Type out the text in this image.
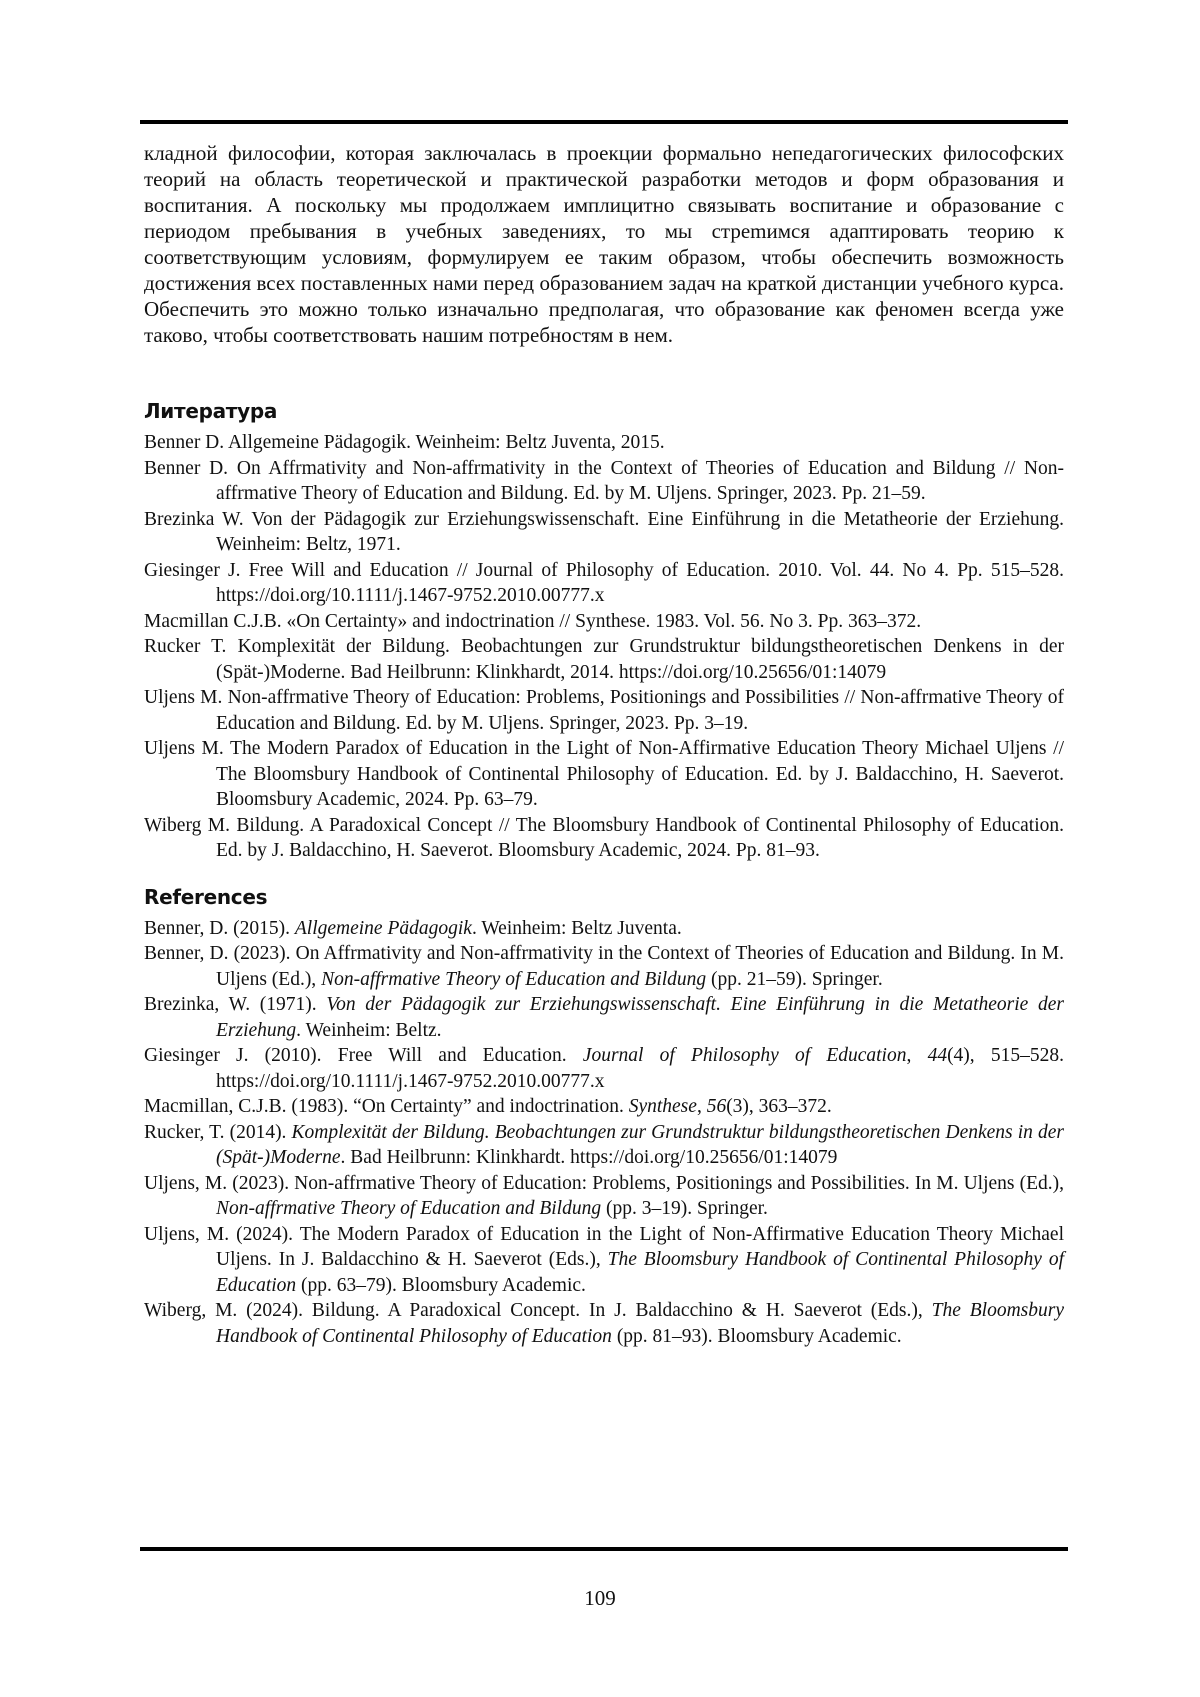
кладной философии, которая заключалась в проекции формально непедагогических философских теорий на область теоретической и практической разработки методов и форм образования и воспитания. А поскольку мы продолжаем имплицитно связывать воспитание и образование с периодом пребывания в учебных заведениях, то мы стреmимся адаптировать теорию к соответствующим условиям, формулируем ее таким образом, чтобы обеспечить возможность достижения всех поставленных нами перед образованием задач на краткой дистанции учебного курса. Обеспечить это можно только изначально предполагая, что образование как феномен всегда уже таково, чтобы соответствовать нашим потребностям в нем.

Литература
Benner D. Allgemeine Pädagogik. Weinheim: Beltz Juventa, 2015.
Benner D. On Affrmativity and Non-affrmativity in the Context of Theories of Education and Bildung // Non-affrmative Theory of Education and Bildung. Ed. by M. Uljens. Springer, 2023. Pp. 21–59.
Brezinka W. Von der Pädagogik zur Erziehungswissenschaft. Eine Einführung in die Metatheorie der Erziehung. Weinheim: Beltz, 1971.
Giesinger J. Free Will and Education // Journal of Philosophy of Education. 2010. Vol. 44. No 4. Pp. 515–528. https://doi.org/10.1111/j.1467-9752.2010.00777.x
Macmillan C.J.B. «On Certainty» and indoctrination // Synthese. 1983. Vol. 56. No 3. Pp. 363–372.
Rucker T. Komplexität der Bildung. Beobachtungen zur Grundstruktur bildungstheoretischen Denkens in der (Spät-)Moderne. Bad Heilbrunn: Klinkhardt, 2014. https://doi.org/10.25656/01:14079
Uljens M. Non-affrmative Theory of Education: Problems, Positionings and Possibilities // Non-affrmative Theory of Education and Bildung. Ed. by M. Uljens. Springer, 2023. Pp. 3–19.
Uljens M. The Modern Paradox of Education in the Light of Non-Affirmative Education Theory Michael Uljens // The Bloomsbury Handbook of Continental Philosophy of Education. Ed. by J. Baldacchino, H. Saeverot. Bloomsbury Academic, 2024. Pp. 63–79.
Wiberg M. Bildung. A Paradoxical Concept // The Bloomsbury Handbook of Continental Philosophy of Education. Ed. by J. Baldacchino, H. Saeverot. Bloomsbury Academic, 2024. Pp. 81–93.
References
Benner, D. (2015). Allgemeine Pädagogik. Weinheim: Beltz Juventa.
Benner, D. (2023). On Affrmativity and Non-affrmativity in the Context of Theories of Education and Bildung. In M. Uljens (Ed.), Non-affrmative Theory of Education and Bildung (pp. 21–59). Springer.
Brezinka, W. (1971). Von der Pädagogik zur Erziehungswissenschaft. Eine Einführung in die Metatheorie der Erziehung. Weinheim: Beltz.
Giesinger J. (2010). Free Will and Education. Journal of Philosophy of Education, 44(4), 515–528. https://doi.org/10.1111/j.1467-9752.2010.00777.x
Macmillan, C.J.B. (1983). “On Certainty” and indoctrination. Synthese, 56(3), 363–372.
Rucker, T. (2014). Komplexität der Bildung. Beobachtungen zur Grundstruktur bildungstheoretischen Denkens in der (Spät-)Moderne. Bad Heilbrunn: Klinkhardt. https://doi.org/10.25656/01:14079
Uljens, M. (2023). Non-affrmative Theory of Education: Problems, Positionings and Possibilities. In M. Uljens (Ed.), Non-affrmative Theory of Education and Bildung (pp. 3–19). Springer.
Uljens, M. (2024). The Modern Paradox of Education in the Light of Non-Affirmative Education Theory Michael Uljens. In J. Baldacchino & H. Saeverot (Eds.), The Bloomsbury Handbook of Continental Philosophy of Education (pp. 63–79). Bloomsbury Academic.
Wiberg, M. (2024). Bildung. A Paradoxical Concept. In J. Baldacchino & H. Saeverot (Eds.), The Bloomsbury Handbook of Continental Philosophy of Education (pp. 81–93). Bloomsbury Academic.
109
